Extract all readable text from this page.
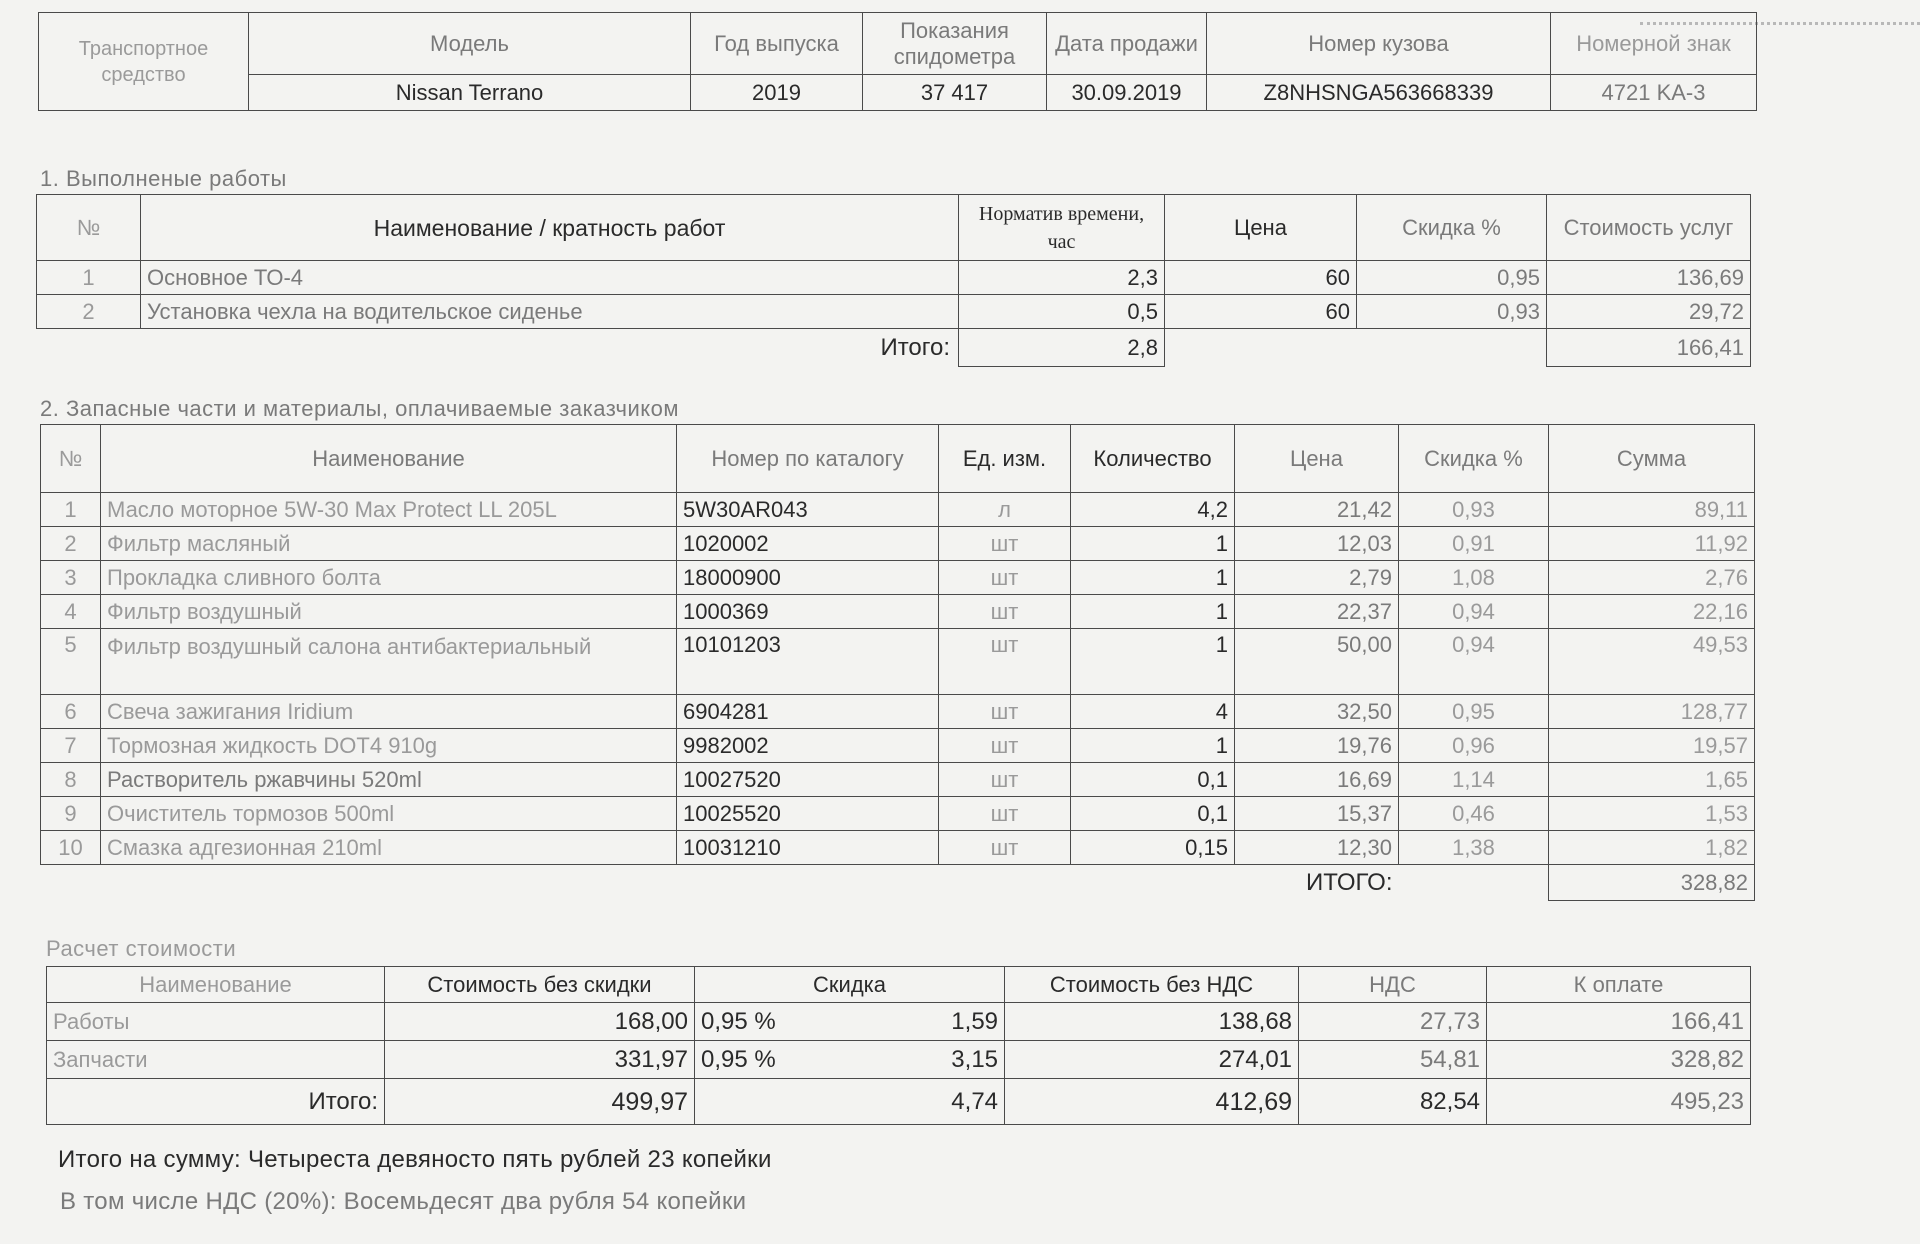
Транспортное средство	Модель	Год выпуска	Показания спидометра	Дата продажи	Номер кузова	Номерной знак
	Nissan Terrano	2019	37 417	30.09.2019	Z8NHSNGA563668339	4721 KA-3
1. Выполненые работы
№	Наименование / кратность работ	Норматив времени, час	Цена	Скидка %	Стоимость услуг
1	Основное ТО-4	2,3	60	0,95	136,69
2	Установка чехла на водительское сиденье	0,5	60	0,93	29,72
	Итого:	2,8			166,41
2. Запасные части и материалы, оплачиваемые заказчиком
№	Наименование	Номер по каталогу	Ед. изм.	Количество	Цена	Скидка %	Сумма
1	Масло моторное 5W-30 Max Protect LL 205L	5W30AR043	л	4,2	21,42	0,93	89,11
2	Фильтр масляный	1020002	шт	1	12,03	0,91	11,92
3	Прокладка сливного болта	18000900	шт	1	2,79	1,08	2,76
4	Фильтр воздушный	1000369	шт	1	22,37	0,94	22,16
5	Фильтр воздушный салона антибактериальный	10101203	шт	1	50,00	0,94	49,53
6	Свеча зажигания Iridium	6904281	шт	4	32,50	0,95	128,77
7	Тормозная жидкость DOT4 910g	9982002	шт	1	19,76	0,96	19,57
8	Растворитель ржавчины 520ml	10027520	шт	0,1	16,69	1,14	1,65
9	Очиститель тормозов 500ml	10025520	шт	0,1	15,37	0,46	1,53
10	Смазка адгезионная 210ml	10031210	шт	0,15	12,30	1,38	1,82
				ИТОГО:			328,82
Расчет стоимости
Наименование	Стоимость без скидки	Скидка		Стоимость без НДС	НДС	К оплате
Работы	168,00	0,95 %	1,59	138,68	27,73	166,41
Запчасти	331,97	0,95 %	3,15	274,01	54,81	328,82
Итого:	499,97		4,74	412,69	82,54	495,23
Итого на сумму: Четыреста девяносто пять рублей 23 копейки
В том числе НДС (20%): Восемьдесят два рубля 54 копейки
